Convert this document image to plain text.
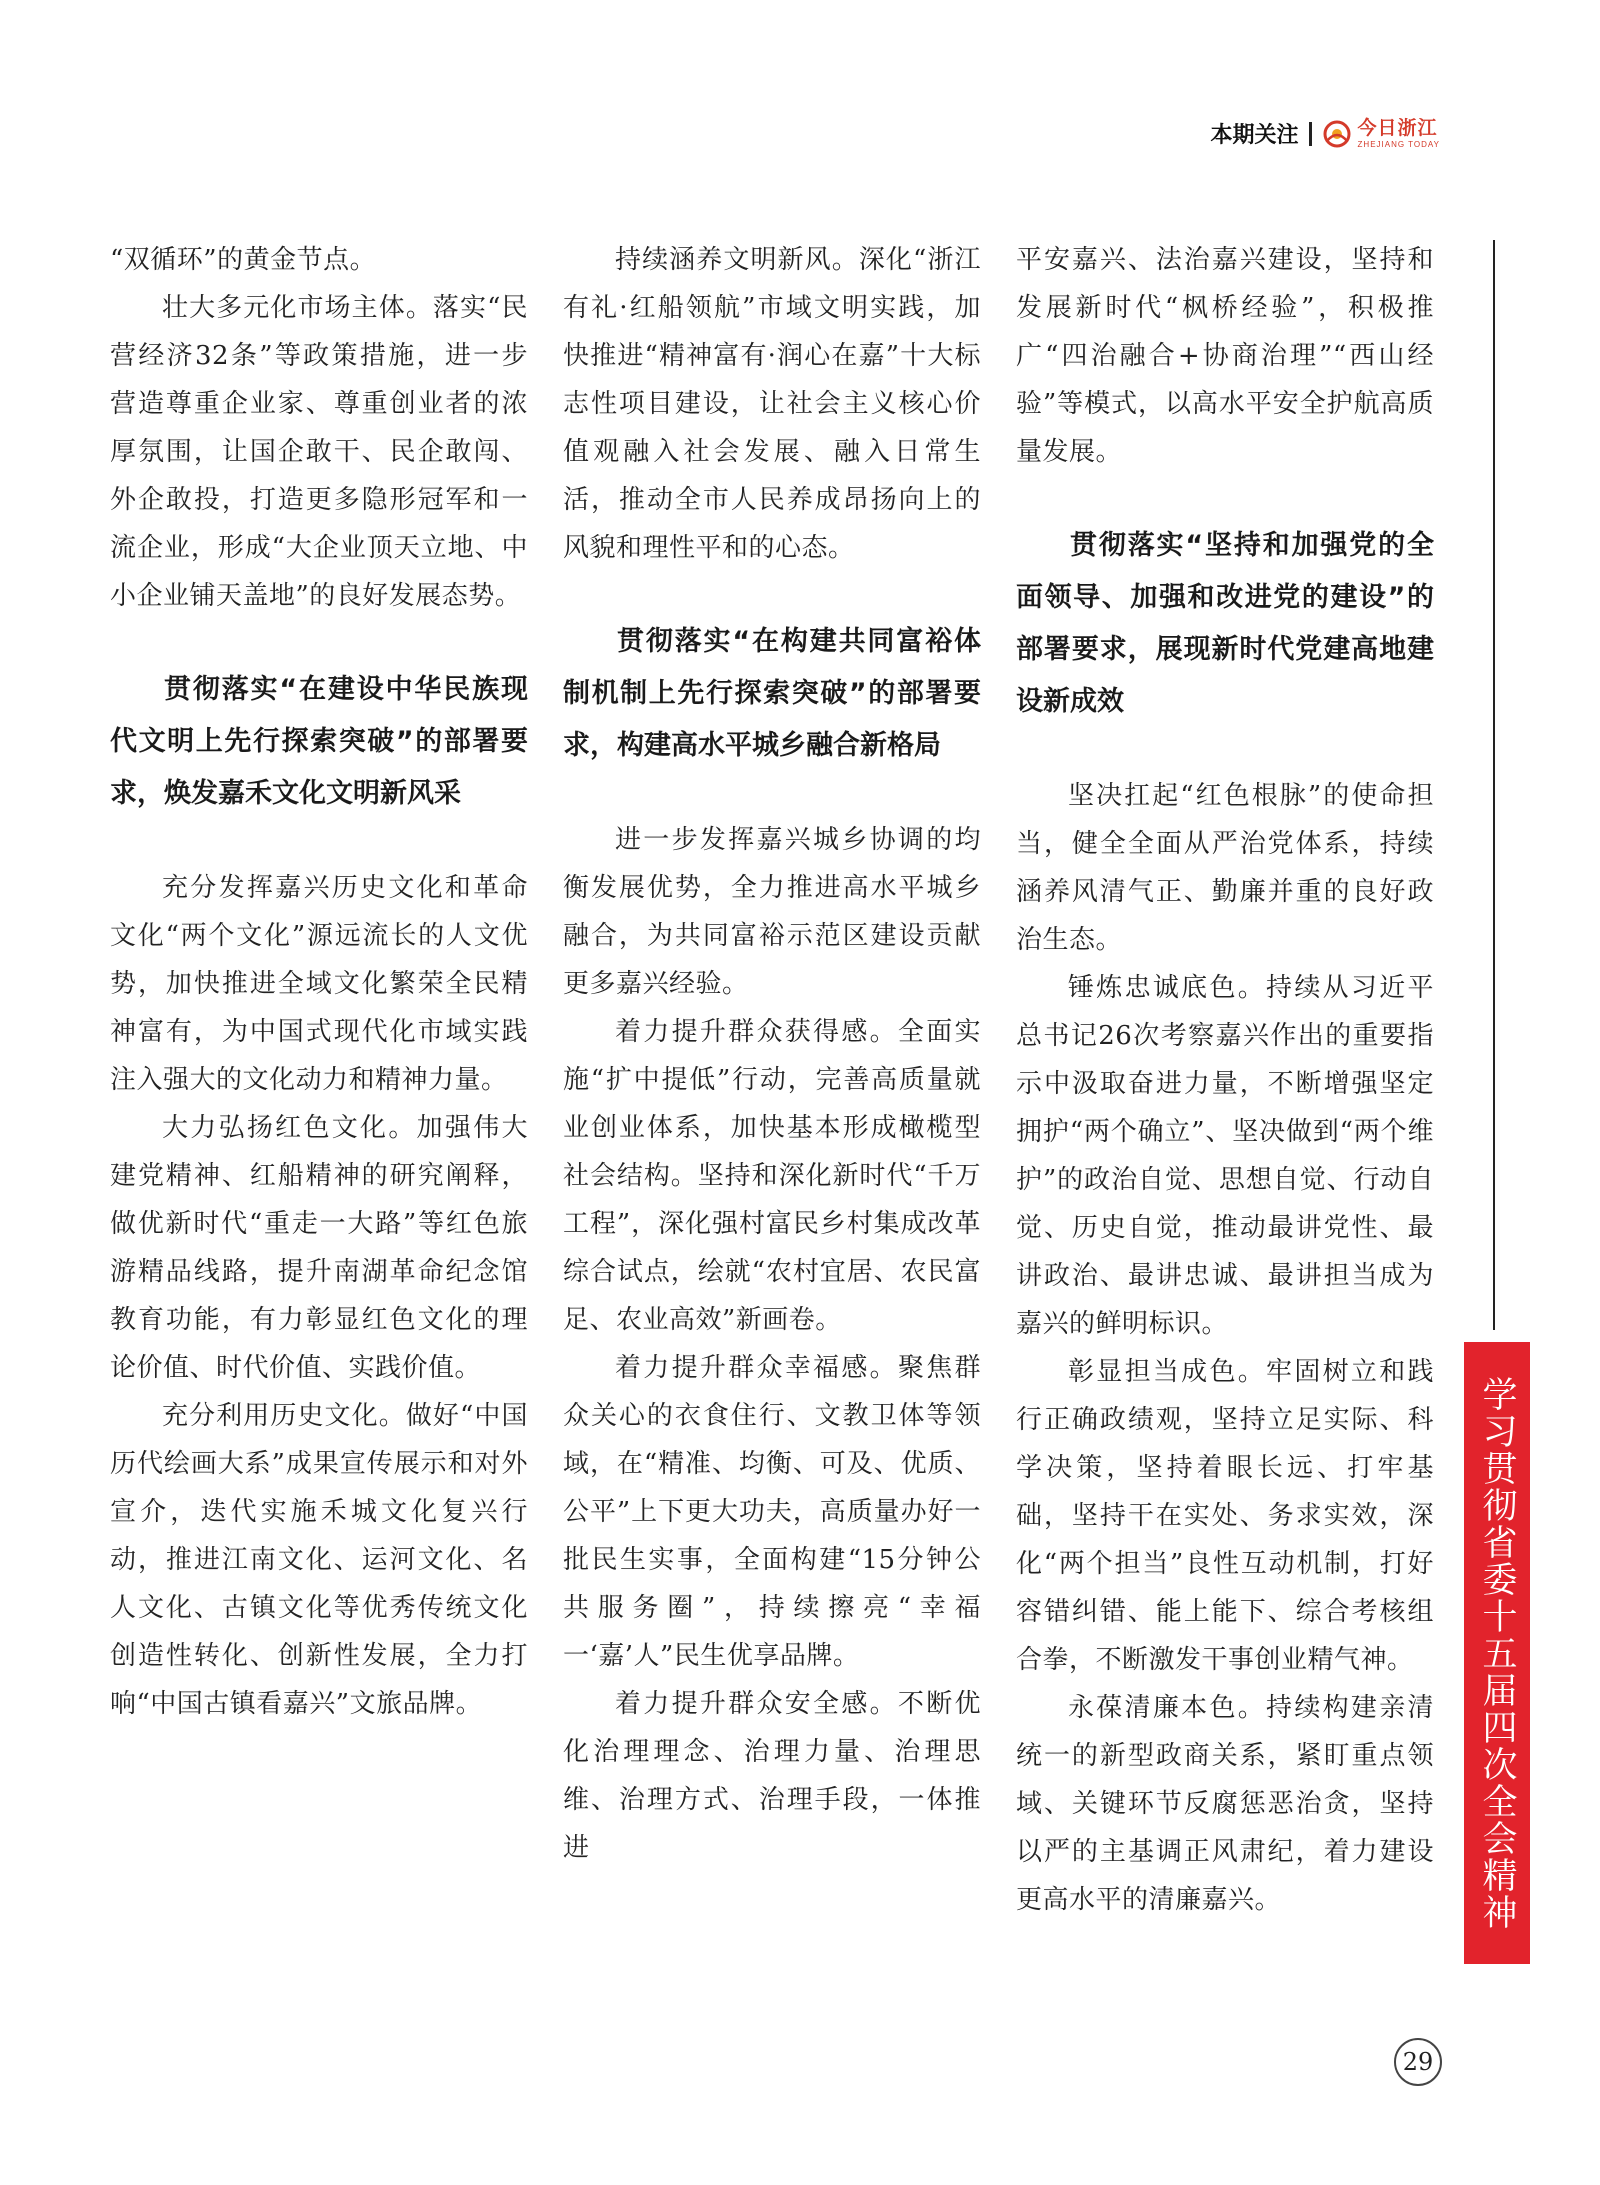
本期关注	今日浙江
ZHEJIANG TODAY

“双循环”的黄金节点。

壮大多元化市场主体。落实“民营经济32条”等政策措施，进一步营造尊重企业家、尊重创业者的浓厚氛围，让国企敢干、民企敢闯、外企敢投，打造更多隐形冠军和一流企业，形成“大企业顶天立地、中小企业铺天盖地”的良好发展态势。

贯彻落实“在建设中华民族现代文明上先行探索突破”的部署要求，焕发嘉禾文化文明新风采

充分发挥嘉兴历史文化和革命文化“两个文化”源远流长的人文优势，加快推进全域文化繁荣全民精神富有，为中国式现代化市域实践注入强大的文化动力和精神力量。

大力弘扬红色文化。加强伟大建党精神、红船精神的研究阐释，做优新时代“重走一大路”等红色旅游精品线路，提升南湖革命纪念馆教育功能，有力彰显红色文化的理论价值、时代价值、实践价值。

充分利用历史文化。做好“中国历代绘画大系”成果宣传展示和对外宣介，迭代实施禾城文化复兴行动，推进江南文化、运河文化、名人文化、古镇文化等优秀传统文化创造性转化、创新性发展，全力打响“中国古镇看嘉兴”文旅品牌。

持续涵养文明新风。深化“浙江有礼·红船领航”市域文明实践，加快推进“精神富有·润心在嘉”十大标志性项目建设，让社会主义核心价值观融入社会发展、融入日常生活，推动全市人民养成昂扬向上的风貌和理性平和的心态。

贯彻落实“在构建共同富裕体制机制上先行探索突破”的部署要求，构建高水平城乡融合新格局

进一步发挥嘉兴城乡协调的均衡发展优势，全力推进高水平城乡融合，为共同富裕示范区建设贡献更多嘉兴经验。

着力提升群众获得感。全面实施“扩中提低”行动，完善高质量就业创业体系，加快基本形成橄榄型社会结构。坚持和深化新时代“千万工程”，深化强村富民乡村集成改革综合试点，绘就“农村宜居、农民富足、农业高效”新画卷。

着力提升群众幸福感。聚焦群众关心的衣食住行、文教卫体等领域，在“精准、均衡、可及、优质、公平”上下更大功夫，高质量办好一批民生实事，全面构建“15分钟公共服务圈”，持续擦亮“幸福一‘嘉’人”民生优享品牌。

着力提升群众安全感。不断优化治理理念、治理力量、治理思维、治理方式、治理手段，一体推进

平安嘉兴、法治嘉兴建设，坚持和发展新时代“枫桥经验”，积极推广“四治融合+协商治理”“西山经验”等模式，以高水平安全护航高质量发展。

贯彻落实“坚持和加强党的全面领导、加强和改进党的建设”的部署要求，展现新时代党建高地建设新成效

坚决扛起“红色根脉”的使命担当，健全全面从严治党体系，持续涵养风清气正、勤廉并重的良好政治生态。

锤炼忠诚底色。持续从习近平总书记26次考察嘉兴作出的重要指示中汲取奋进力量，不断增强坚定拥护“两个确立”、坚决做到“两个维护”的政治自觉、思想自觉、行动自觉、历史自觉，推动最讲党性、最讲政治、最讲忠诚、最讲担当成为嘉兴的鲜明标识。

彰显担当成色。牢固树立和践行正确政绩观，坚持立足实际、科学决策，坚持着眼长远、打牢基础，坚持干在实处、务求实效，深化“两个担当”良性互动机制，打好容错纠错、能上能下、综合考核组合拳，不断激发干事创业精气神。

永葆清廉本色。持续构建亲清统一的新型政商关系，紧盯重点领域、关键环节反腐惩恶治贪，坚持以严的主基调正风肃纪，着力建设更高水平的清廉嘉兴。	学习贯彻省委十五届四次全会精神
29
